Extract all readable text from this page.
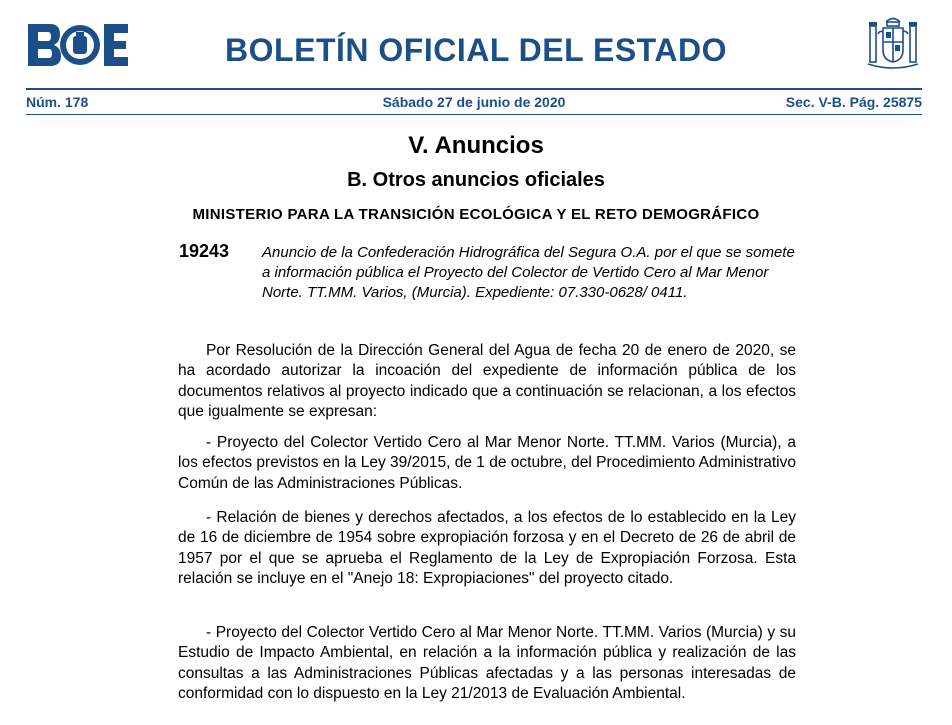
BOLETÍN OFICIAL DEL ESTADO
Núm. 178	Sábado 27 de junio de 2020	Sec. V-B. Pág. 25875
V. Anuncios
B. Otros anuncios oficiales
MINISTERIO PARA LA TRANSICIÓN ECOLÓGICA Y EL RETO DEMOGRÁFICO
19243 Anuncio de la Confederación Hidrográfica del Segura O.A. por el que se somete a información pública el Proyecto del Colector de Vertido Cero al Mar Menor Norte. TT.MM. Varios, (Murcia). Expediente: 07.330-0628/ 0411.
Por Resolución de la Dirección General del Agua de fecha 20 de enero de 2020, se ha acordado autorizar la incoación del expediente de información pública de los documentos relativos al proyecto indicado que a continuación se relacionan, a los efectos que igualmente se expresan:
- Proyecto del Colector Vertido Cero al Mar Menor Norte. TT.MM. Varios (Murcia), a los efectos previstos en la Ley 39/2015, de 1 de octubre, del Procedimiento Administrativo Común de las Administraciones Públicas.
- Relación de bienes y derechos afectados, a los efectos de lo establecido en la Ley de 16 de diciembre de 1954 sobre expropiación forzosa y en el Decreto de 26 de abril de 1957 por el que se aprueba el Reglamento de la Ley de Expropiación Forzosa. Esta relación se incluye en el "Anejo 18: Expropiaciones" del proyecto citado.
- Proyecto del Colector Vertido Cero al Mar Menor Norte. TT.MM. Varios (Murcia) y su Estudio de Impacto Ambiental, en relación a la información pública y realización de las consultas a las Administraciones Públicas afectadas y a las personas interesadas de conformidad con lo dispuesto en la Ley 21/2013 de Evaluación Ambiental.
